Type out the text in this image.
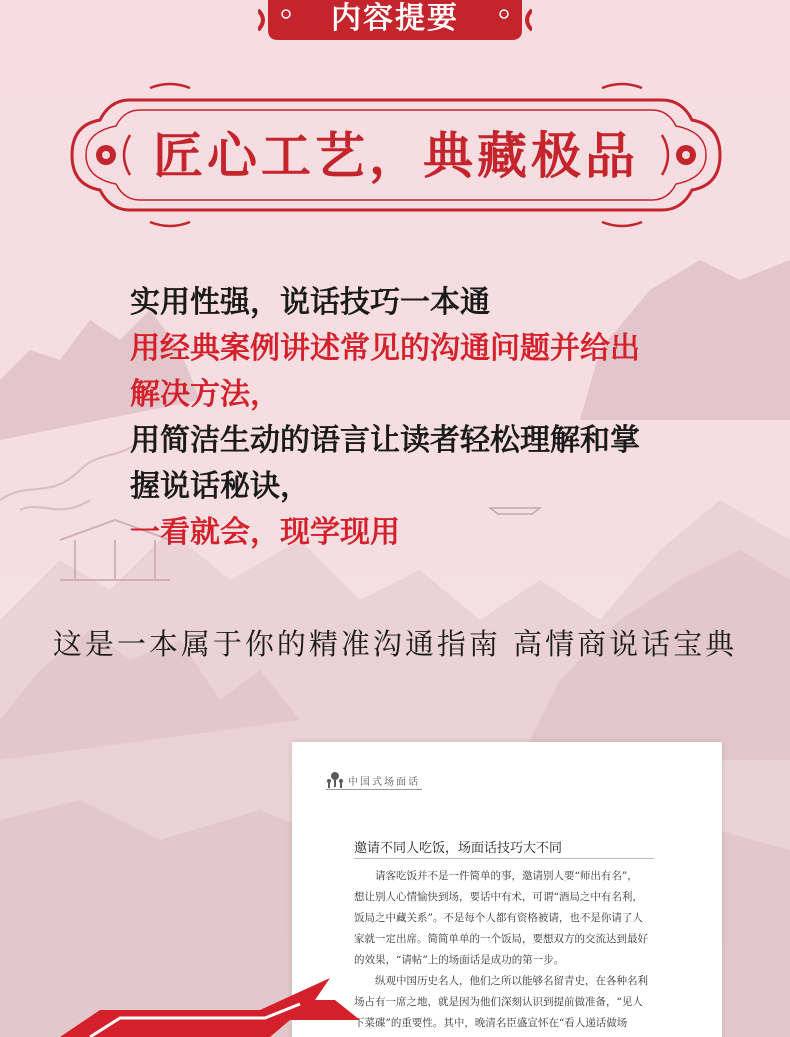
内容提要
匠心工艺，典藏极品
实用性强，说话技巧一本通
用经典案例讲述常见的沟通问题并给出
解决方法，
用简洁生动的语言让读者轻松理解和掌
握说话秘诀，
一看就会，现学现用
这是一本属于你的精准沟通指南 高情商说话宝典
中国式场面话
邀请不同人吃饭，场面话技巧大不同

请客吃饭并不是一件简单的事，邀请别人要“师出有名”，

想让别人心情愉快到场，要话中有术，可谓“酒局之中有名利，

饭局之中藏关系”。不是每个人都有资格被请，也不是你请了人

家就一定出席。简简单单的一个饭局，要想双方的交流达到最好

的效果，“请帖”上的场面话是成功的第一步。

纵观中国历史名人，他们之所以能够名留青史，在各种名利

场占有一席之地，就是因为他们深刻认识到提前做准备，“见人

下菜碟”的重要性。其中，晚清名臣盛宣怀在“看人递话做场
